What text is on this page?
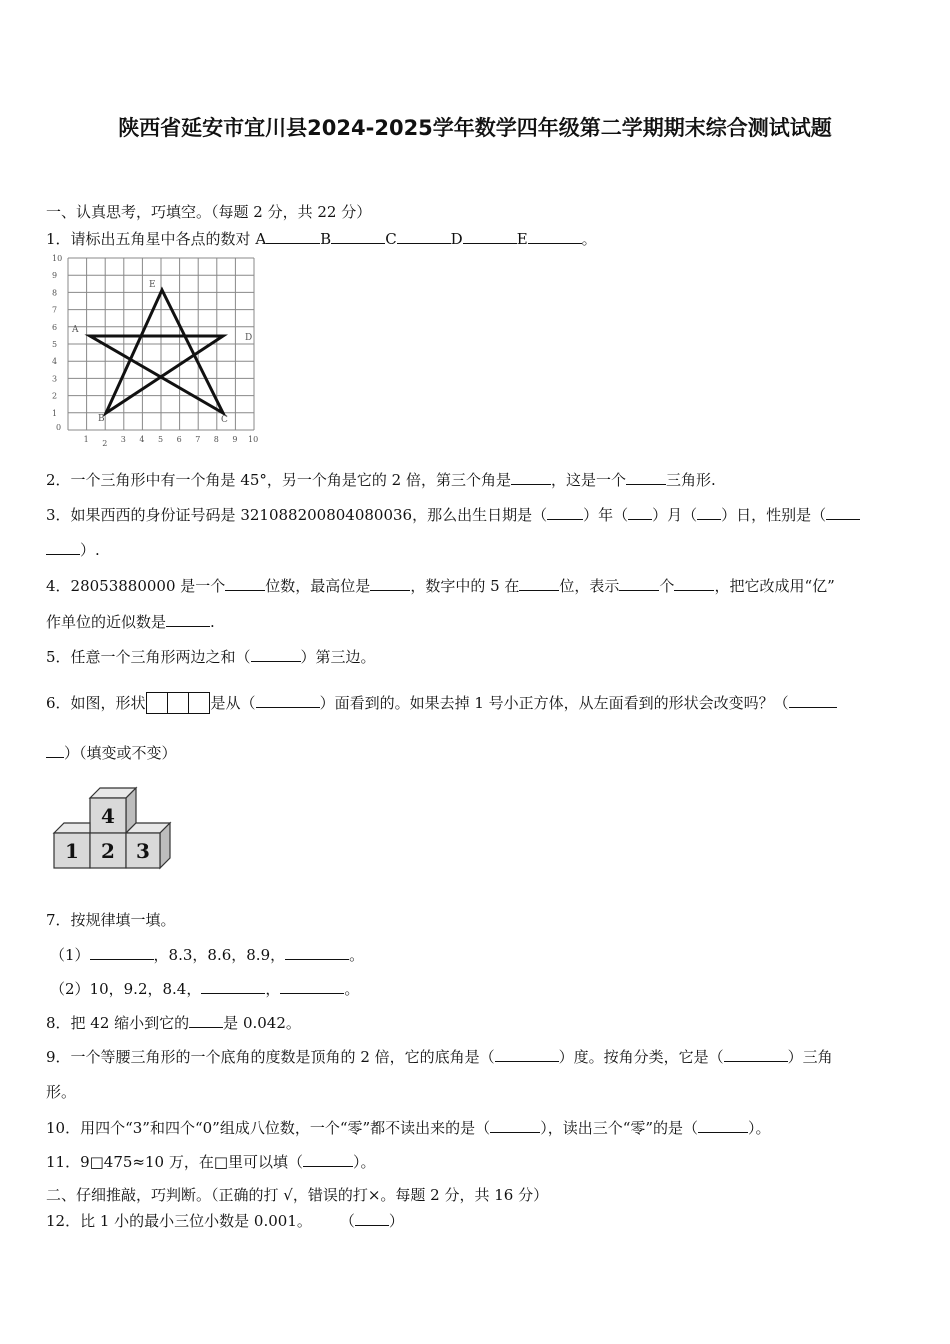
陕西省延安市宜川县2024-2025学年数学四年级第二学期期末综合测试试题
一、认真思考，巧填空。（每题 2 分，共 22 分）
1．请标出五角星中各点的数对 A	B	C	D	E	。
10
9
8
7
6
5
4
3
2
1
1 2 3 4 5 6 7 8 9 10
0
A
B	C
D
E
2．一个三角形中有一个角是 45°，另一个角是它的 2 倍，第三个角是	，这是一个	三角形.
3．如果西西的身份证号码是 321088200804080036，那么出生日期是（ ）年（ ）月（ ）日，性别是（
）.
4．28053880000 是一个	位数，最高位是	，数字中的 5 在	位，表示	个	，把它改成用“亿”
作单位的近似数是	.
5．任意一个三角形两边之和（	）第三边。
6．如图，形状	是从（	）面看到的。如果去掉 1 号小正方体，从左面看到的形状会改变吗？（
）（填变或不变）
4
1 2 3
7．按规律填一填。
（1）	，8.3，8.6，8.9，	。
（2）10，9.2，8.4，	，	。
8．把 42 缩小到它的 是 0.042。
9．一个等腰三角形的一个底角的度数是顶角的 2 倍，它的底角是（	）度。按角分类，它是（	）三角
形。
10．用四个“3”和四个“0”组成八位数，一个“零”都不读出来的是（	），读出三个“零”的是（	）。
11．9□475≈10 万，在□里可以填（	）。
二、仔细推敲，巧判断。（正确的打 √，错误的打×。每题 2 分，共 16 分）
12．比 1 小的最小三位小数是 0.001。 （ ）
